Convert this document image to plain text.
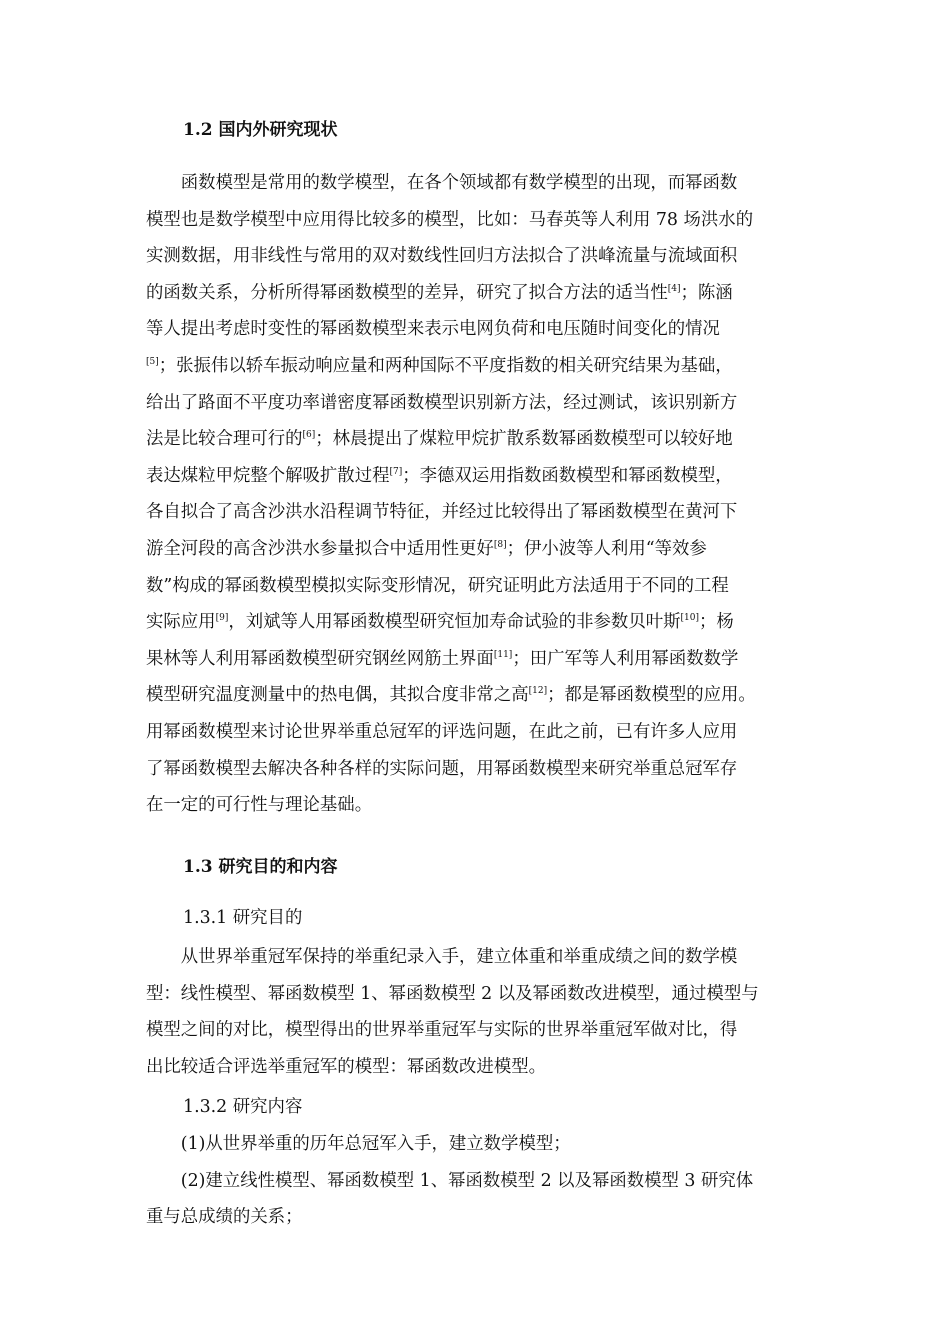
1.2 国内外研究现状
　　函数模型是常用的数学模型，在各个领域都有数学模型的出现，而幂函数
模型也是数学模型中应用得比较多的模型，比如：马春英等人利用 78 场洪水的
实测数据，用非线性与常用的双对数线性回归方法拟合了洪峰流量与流域面积
的函数关系，分析所得幂函数模型的差异，研究了拟合方法的适当性[4]；陈涵
等人提出考虑时变性的幂函数模型来表示电网负荷和电压随时间变化的情况
[5]；张振伟以轿车振动响应量和两种国际不平度指数的相关研究结果为基础，
给出了路面不平度功率谱密度幂函数模型识别新方法，经过测试，该识别新方
法是比较合理可行的[6]；林晨提出了煤粒甲烷扩散系数幂函数模型可以较好地
表达煤粒甲烷整个解吸扩散过程[7]；李德双运用指数函数模型和幂函数模型，
各自拟合了高含沙洪水沿程调节特征，并经过比较得出了幂函数模型在黄河下
游全河段的高含沙洪水参量拟合中适用性更好[8]；伊小波等人利用“等效参
数”构成的幂函数模型模拟实际变形情况，研究证明此方法适用于不同的工程
实际应用[9]，刘斌等人用幂函数模型研究恒加寿命试验的非参数贝叶斯[10]；杨
果林等人利用幂函数模型研究钢丝网筋土界面[11]；田广军等人利用幂函数数学
模型研究温度测量中的热电偶，其拟合度非常之高[12]；都是幂函数模型的应用。
用幂函数模型来讨论世界举重总冠军的评选问题，在此之前，已有许多人应用
了幂函数模型去解决各种各样的实际问题，用幂函数模型来研究举重总冠军存
在一定的可行性与理论基础。
1.3 研究目的和内容
1.3.1 研究目的
　　从世界举重冠军保持的举重纪录入手，建立体重和举重成绩之间的数学模
型：线性模型、幂函数模型 1、幂函数模型 2 以及幂函数改进模型，通过模型与
模型之间的对比，模型得出的世界举重冠军与实际的世界举重冠军做对比，得
出比较适合评选举重冠军的模型：幂函数改进模型。
1.3.2 研究内容
　　(1)从世界举重的历年总冠军入手，建立数学模型；
　　(2)建立线性模型、幂函数模型 1、幂函数模型 2 以及幂函数模型 3 研究体
重与总成绩的关系；
